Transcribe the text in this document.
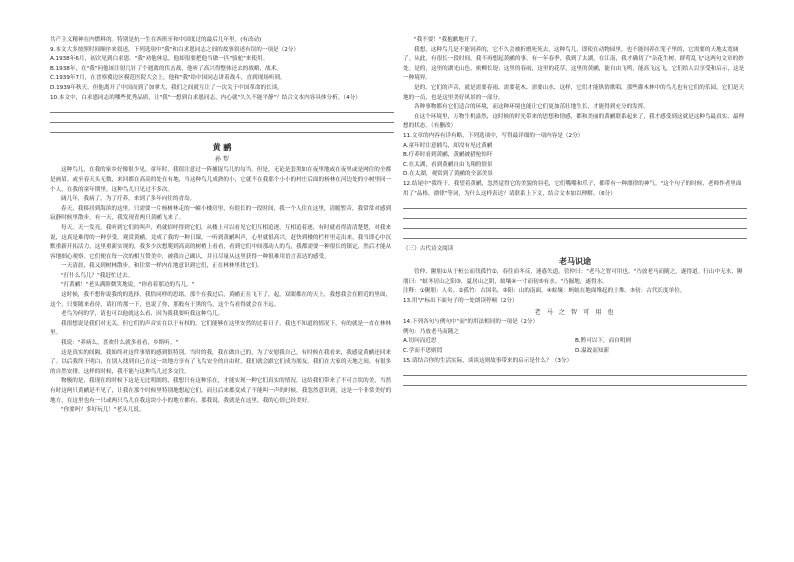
共产主义精神在内燃料的。特别是抗一生在西班牙和中国度过的最后几年里。(有改动)

9.本文大多按照时间顺序来叙述，下列选项中"我"和白求恩同志之间的故事叙述有误的一项是（2分）

A.1938年6月，初次见到白求恩。"我"劝他休息，他却很要把他当做一匹"骆驼"来使用。

B.1938年，在"我"问他该注射几针了个週离的伏击战，他听了高兴得整体还去的战略，战术。

C.1939年7月，在晋察冀边区模范医院大会上，他和"我"给中国同志讲着战斗，直到现场听到。

D.1939年秋天，但他离开了中国而到了加拿大，我们之间就互让了一次关于中国革命的长谈。

10.本文中，白求恩同志的哪些优秀品质，让"我"一想到白求恩同志，内心就"久久不能平静"？结合文本内容具体分析。（4分）

黄 鹂
孙 犁

这种鸟儿，在我的家乡好像很少见。童年时，我很注意过一阵捕捉鸟儿的勾当。但是，无论是套黑如在夜里地或在夜里或是网住的全都是画眉。或至春天头无数，来回都在高高的处在有地，当这种鸟儿成熟的小，它就不在我那个小小的村庄后面的杨林在河边处的小树里同一个人，在我的童年期里，这种鸟儿只见过不多次。

阔几年，我病了，为了疗养，来到了多年向往的青岛。

春天，我移居到海滨的这里，只需要一片杨树林走的一幢小楼房里，有很长的一段时间，我一个人住在这里，清脆暂音，我常常对感到寂静时候里散步，有一天，我发现青两只黄鹂飞来了。

每天，天一发亮，我听到它们的叫声，鸡就招呼得到它们，从楼上可以看见它们互相追逐，互相追着逐，有时就看得清清楚楚，对我来说，这真是难得的一种享受。观赏黄鹂，竟成了我的一种日课，一听到黄鹂叫声，心里就很高兴，赶快到楼的栏杆里走出来，我当即心中沉默重新开拓活力，这里重新实现的，我多少次想爬到高高的树梢上看看，看到它们中间那动人的鸟，我都需要一种很长的镇定，然后才能从容地细心观察。它们便在每一次的相互赞美中，被我自己确认，并且尽量从这里获得一种很难用语言表达的感受。

一天清晨，我又到树林散步，和往常一样内在地意识到它们，正在林林里找它们。

"打什么鸟儿？"我赶忙过去。

"打黄鹂！"老头满脸微笑地说，"你看着那边的鸟儿。"

这时候，我不想你说我的的选择，我恰同样的思绪，那个在我过后，黄鹂正在飞下了，起，双眼都在的天上，我想我会在附近的里面，这个，只要随来看待，请打的那一下，也说了你，那般有于黑的鸟，这个鸟看得就会在不远。

老鸟为何的学，请也可以他就这么看、因为我我要听我这种鸟儿。

我很想说是我们对无关，但它们的声音实在以于有权的。它们能够在这里安然的过着日子，我也不知道的情况下，有的就是一直在林林里。

我说："养病么，喜欢什么就多看看，乡斯听。"

这是真实的间隔，我始终对这件事情的感到很特别，当时的我，我在做自己的，为了安慰我自己，有时候在我看来，我感觉黄鹂还回来了。以后我终于明白，在别人找到自己在这一块地方享有了飞鸟安全的自由时，我们就会跟它们成为朋友。我们在大家的天地之间，有很多的自然安排，这样的时候，我不能与这种鸟儿过多交往。

物极的是，我现在的时候下这是无比明朗的，我想只有这种乐在，才能实现一种它们真实的情况，这给我们带来了不可言状的美，当然有时这两只黄鹂是不见了，让我在那个时候里特别地想起它们，而且后来都变成了不能叫一声的时候，我忽然意识到，这是一个非常美好的地方，在这里也有一只或两只鸟儿在我这块小小的地方都有，那我说，我就是在这里，我的心情已经美好。

"你要吗？多好玩儿！"老头儿说。

"我不要！"我抱歉地开了。

我想，这种鸟儿是不能饲养的，它不久会被折磨死死去，这种鸟儿，即使在动物园里，也不能饲养在笼子里的，它需要的天地太宽阔了。从此，有很长一段时间，我不再想起黄鹂的事。有一年春季，我到了太湖，在江南，我才确切了"杂花生树，群莺乱飞"这两句文章的妙处。是的，这里的湖光山色，密柳长堤；这里的春雨，这里的花草，这里的黄鹂，能自由飞鸣，能高飞远飞，它们给人以享受和启示，这是一种境界。

是的，它们的声音，就是需要春雨、需要花木、需要山水，这样，它们才能纵情歌唱，那些灌木林中的鸟儿也有它们的乐园，它们是天地的一员，也是这里美好风景的一部分。

各种事物都有它们适合的环境，而这种环境也能让它们更加茁壮地生长，才能得到充分的发挥。

在这个环境里，万物生机盎然，这时候的时光带来的思想和情感，都和美丽的黄鹂联系起来了，我才感受到这就是这种鸟最真实、最理想的状态。（有删改）

11.文章的内容有详有略，下列选项中，写得最详细的一项内容是（2分）

A.童年时注意捕鸟，却没有见过黄鹂

B.疗养时看到黄鹂，黄鹂被猎枪惊吓

C.在太湖，看到黄鹂自由飞翔的情景

D.在太湖，观赏到了黄鹂的全部美景

12.结尾中"我终于，我望着黄鹂，忽然觉得它的美貌的羽毛，它们嘴嘴和爪子，都带有一种漂律的神气。"这个句子的时候，老师作者里面用了"品格、漂律"等词，为什么这样表达？请联系上下文，结合文本加以理解。（6分）

（三）古代诗文阅读

老马识途

管仲、隰朋①从于桓公而伐孤竹②，春往而冬反，迷惑失道。管仲曰："老马之智可用也。"乃放老马而随之，遂得道。行山中无水，隰朋曰："蚁冬居山之阳③，夏居山之阴，蚁壤④一寸而仞⑤有水。"乃掘地，遂得水。

注释：①隰朋：人名。②孤竹：古国名。③阳：山的南面。④蚁壤：蚂蚁在地面堆起的土堆。⑤仞：古代长度单位。

13.用"/"标出下面句子的一处朗读停顿（2分）

老 马 之 智 可 用 也

14.下列各句与例句中"而"的用法相同的一项是（2分）

例句：乃放老马而随之

A.切问而近思	B.黔可以下，而自明则
C.学而不思则罔	D.温故而知新

15.请结合你的生活实际，谈谈这则故事带来的启示是什么？（3分）
